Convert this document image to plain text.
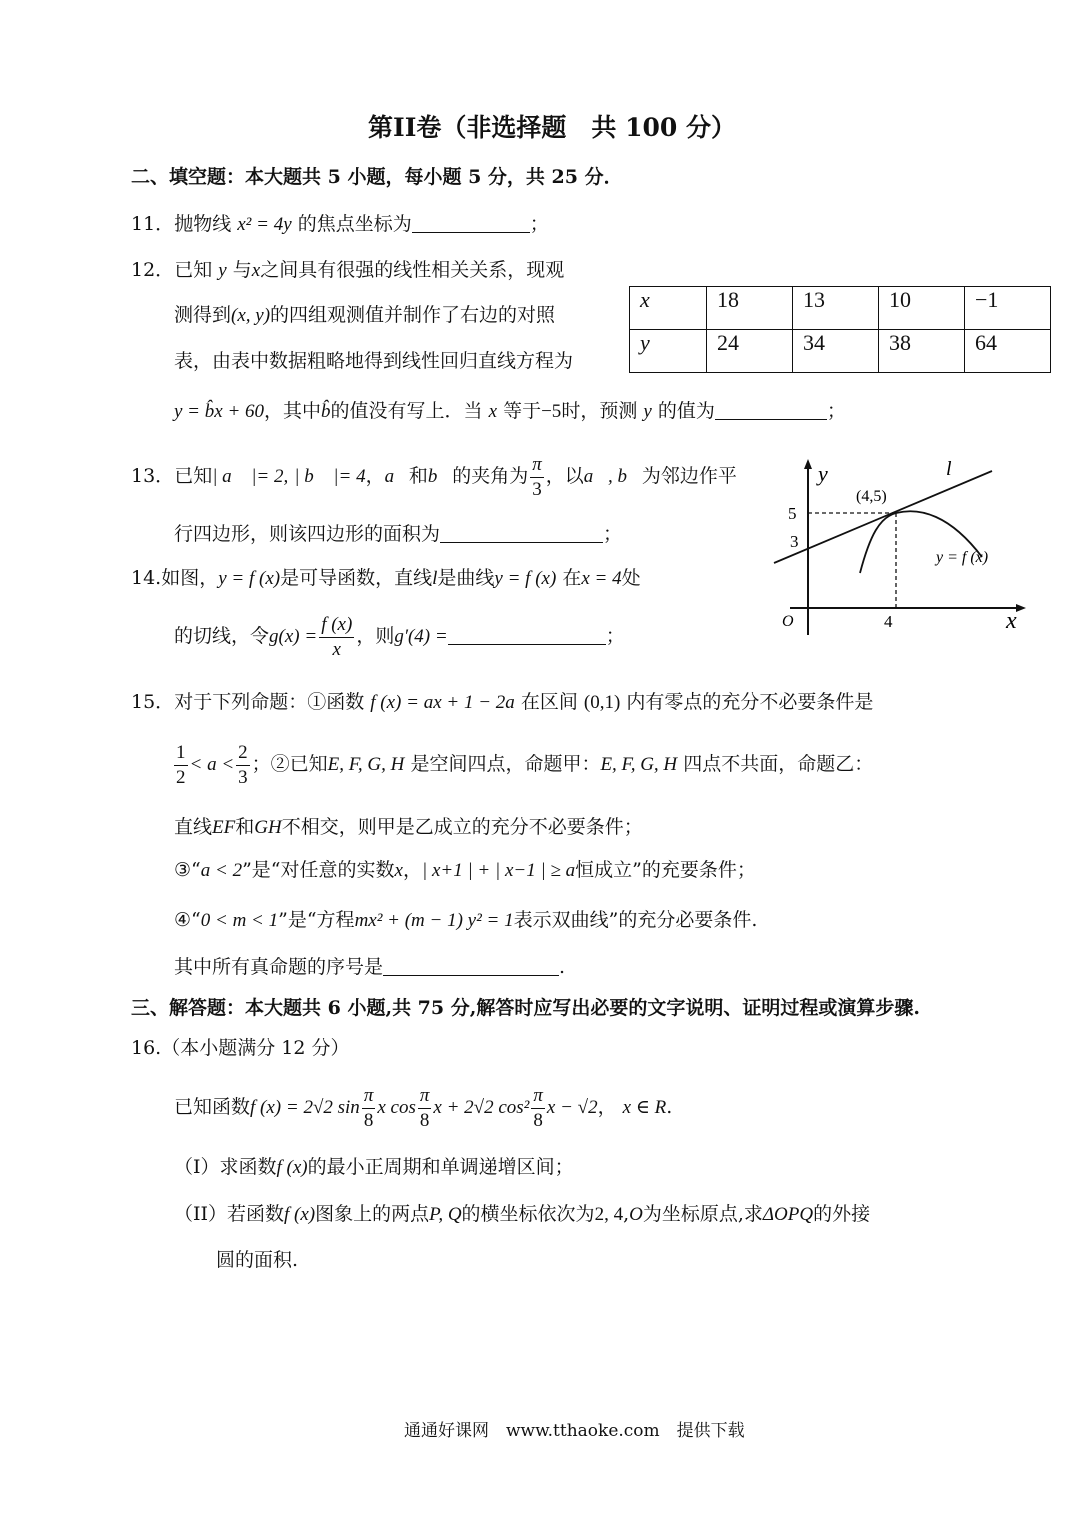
第II卷（非选择题　共 100 分）
二、填空题：本大题共 5 小题，每小题 5 分，共 25 分．
11．抛物线 x² = 4y 的焦点坐标为	；
12．已知 y 与x之间具有很强的线性相关关系，现观
测得到(x, y)的四组观测值并制作了右边的对照
表，由表中数据粗略地得到线性回归直线方程为
x	18	13	10	−1
y	24	34	38	64
y = b̂x + 60，其中b̂的值没有写上．当 x 等于−5时，预测 y 的值为	；
13．已知| a⃗ |= 2, | b⃗ |= 4，a⃗和b⃗的夹角为 $\frac{\pi}{3}$ ，以a⃗, b⃗为邻边作平
行四边形，则该四边形的面积为	；
14.如图，y = f (x)是可导函数，直线l是曲线y = f (x) 在x = 4处
的切线，令$g(x) = \frac{f (x)}{x}$ ，则g′(4) =	；
y
x
O
l
(4,5)
y = f (x)
5
3
4
15．对于下列命题：①函数 f (x) = ax + 1 − 2a 在区间 (0,1) 内有零点的充分不必要条件是
$\frac{1}{2} < a < \frac{2}{3}$ ；②已知E, F, G, H 是空间四点，命题甲：E, F, G, H 四点不共面，命题乙：
直线EF和GH不相交，则甲是乙成立的充分不必要条件；
③“a < 2”是“对任意的实数x，| x+1 | + | x−1 | ≥ a恒成立”的充要条件；
④“0 < m < 1”是“方程mx² + (m − 1) y² = 1表示双曲线”的充分必要条件.
其中所有真命题的序号是	.
三、解答题：本大题共 6 小题,共 75 分,解答时应写出必要的文字说明、证明过程或演算步骤.
16.（本小题满分 12 分）
已知函数f (x) = 2√2 $\sin \frac{\pi}{8}$ x $\cos \frac{\pi}{8}$ x + 2√2 $\cos^2 \frac{\pi}{8}$ x − √2， x ∈ R.
（I）求函数f (x)的最小正周期和单调递增区间；
（II）若函数f (x)图象上的两点P, Q的横坐标依次为2, 4,O为坐标原点,求ΔOPQ的外接
圆的面积.
通通好课网　www.tthaoke.com　提供下载
